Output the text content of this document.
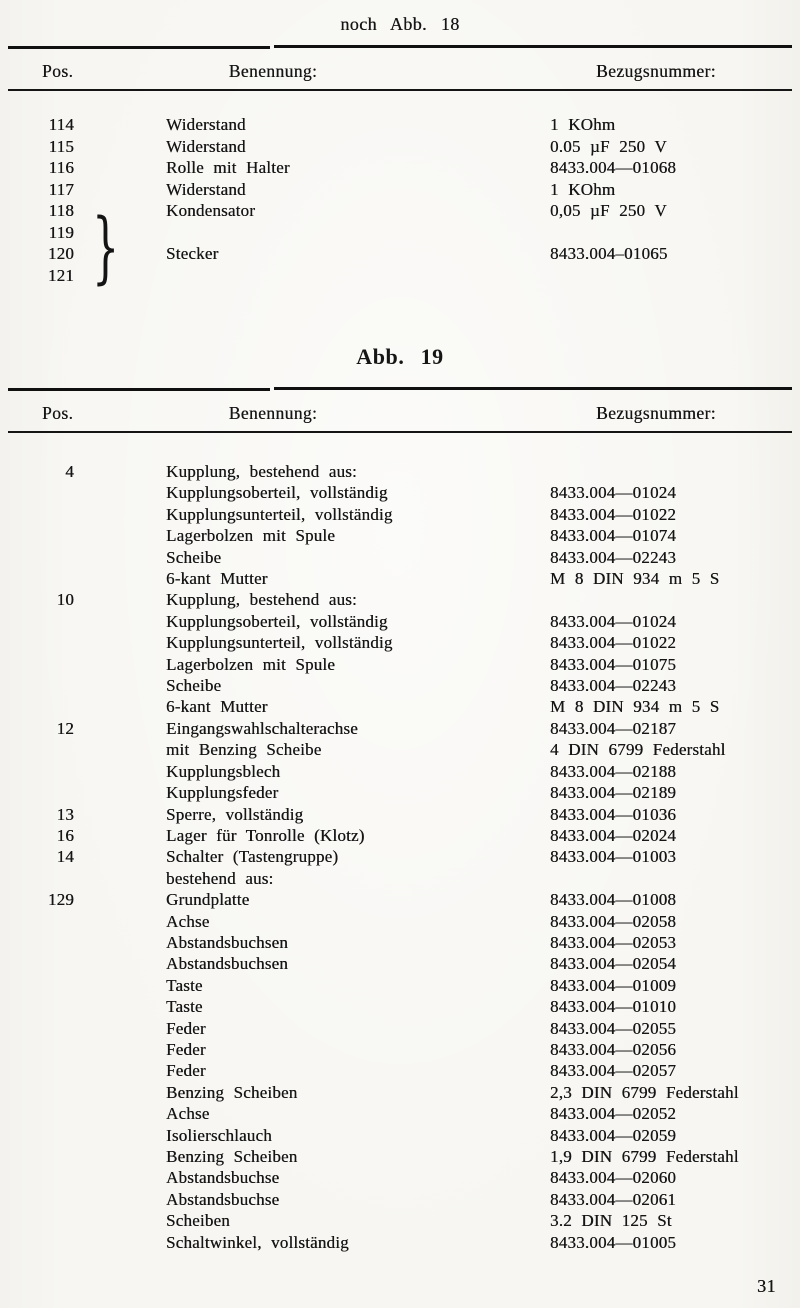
noch Abb. 18
Pos.	Benennung:	Bezugsnummer:
114	Widerstand	1 KOhm
115	Widerstand	0.05 µF 250 V
116	Rolle mit Halter	8433.004—01068
117	Widerstand	1 KOhm
118	Kondensator	0,05 µF 250 V
119
120	Stecker	8433.004–01065
121 }
Abb. 19
Pos.	Benennung:	Bezugsnummer:
4	Kupplung, bestehend aus:
Kupplungsoberteil, vollständig	8433.004—01024
Kupplungsunterteil, vollständig	8433.004—01022
Lagerbolzen mit Spule	8433.004—01074
Scheibe	8433.004—02243
6-kant Mutter	M 8 DIN 934 m 5 S
10	Kupplung, bestehend aus:
Kupplungsoberteil, vollständig	8433.004—01024
Kupplungsunterteil, vollständig	8433.004—01022
Lagerbolzen mit Spule	8433.004—01075
Scheibe	8433.004—02243
6-kant Mutter	M 8 DIN 934 m 5 S
12	Eingangswahlschalterachse	8433.004—02187
mit Benzing Scheibe	4 DIN 6799 Federstahl
Kupplungsblech	8433.004—02188
Kupplungsfeder	8433.004—02189
13	Sperre, vollständig	8433.004—01036
16	Lager für Tonrolle (Klotz)	8433.004—02024
14	Schalter (Tastengruppe)	8433.004—01003
bestehend aus:
129	Grundplatte	8433.004—01008
Achse	8433.004—02058
Abstandsbuchsen	8433.004—02053
Abstandsbuchsen	8433.004—02054
Taste	8433.004—01009
Taste	8433.004—01010
Feder	8433.004—02055
Feder	8433.004—02056
Feder	8433.004—02057
Benzing Scheiben	2,3 DIN 6799 Federstahl
Achse	8433.004—02052
Isolierschlauch	8433.004—02059
Benzing Scheiben	1,9 DIN 6799 Federstahl
Abstandsbuchse	8433.004—02060
Abstandsbuchse	8433.004—02061
Scheiben	3.2 DIN 125 St
Schaltwinkel, vollständig	8433.004—01005
31
